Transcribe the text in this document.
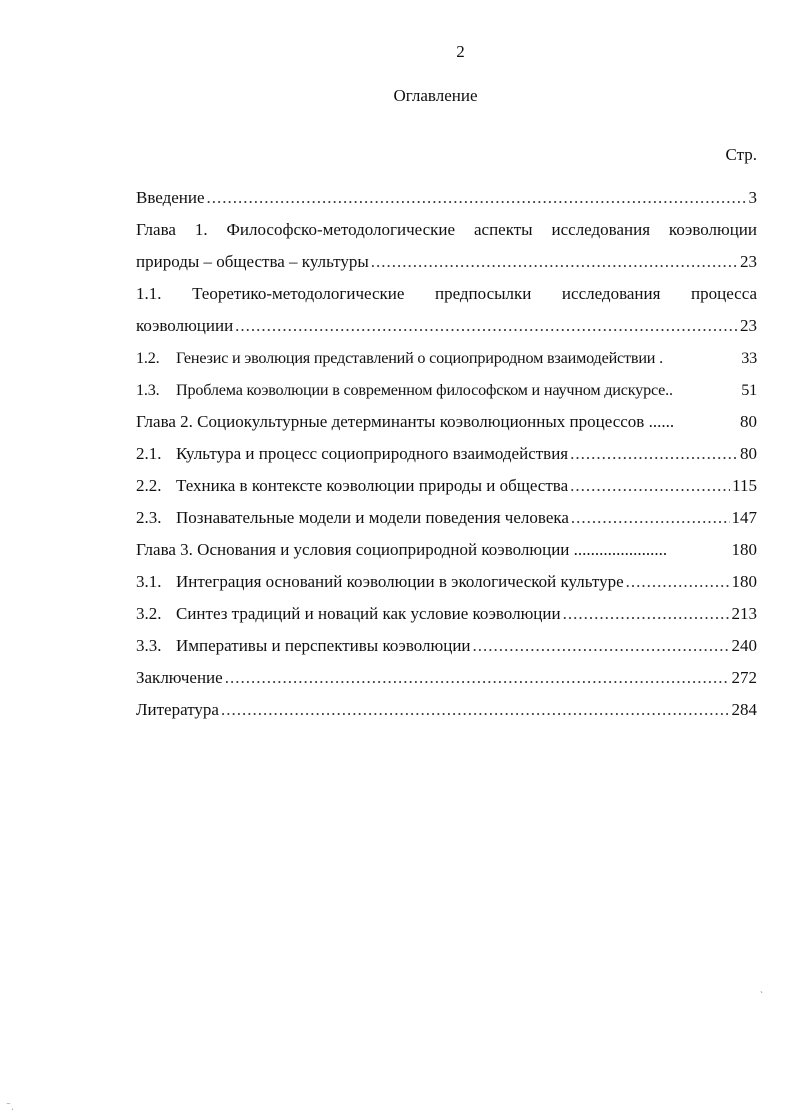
2
Оглавление
Стр.
Введение .....	3
Глава 1. Философско-методологические аспекты исследования коэволюции
природы – общества – культуры .....	23
1.1. Теоретико-методологические предпосылки исследования процесса
коэволюциии .....	23
1.2.	Генезис и эволюция представлений о социоприродном взаимодействии .	33
1.3.	Проблема коэволюции в современном философском и научном дискурсе..	51
Глава 2. Социокультурные детерминанты коэволюционных процессов ......	80
2.1. Культура и процесс социоприродного взаимодействия .....	80
2.2. Техника в контексте коэволюции природы и общества .....	115
2.3. Познавательные модели и модели поведения человека .....	147
Глава 3. Основания и условия социоприродной коэволюции ......................	180
3.1. Интеграция оснований коэволюции в экологической культуре .....	180
3.2. Синтез традиций и новаций как условие коэволюции .....	213
3.3. Императивы и перспективы коэволюции .....	240
Заключение .....	272
Литература .....	284
ˋ
⁻ˌ
